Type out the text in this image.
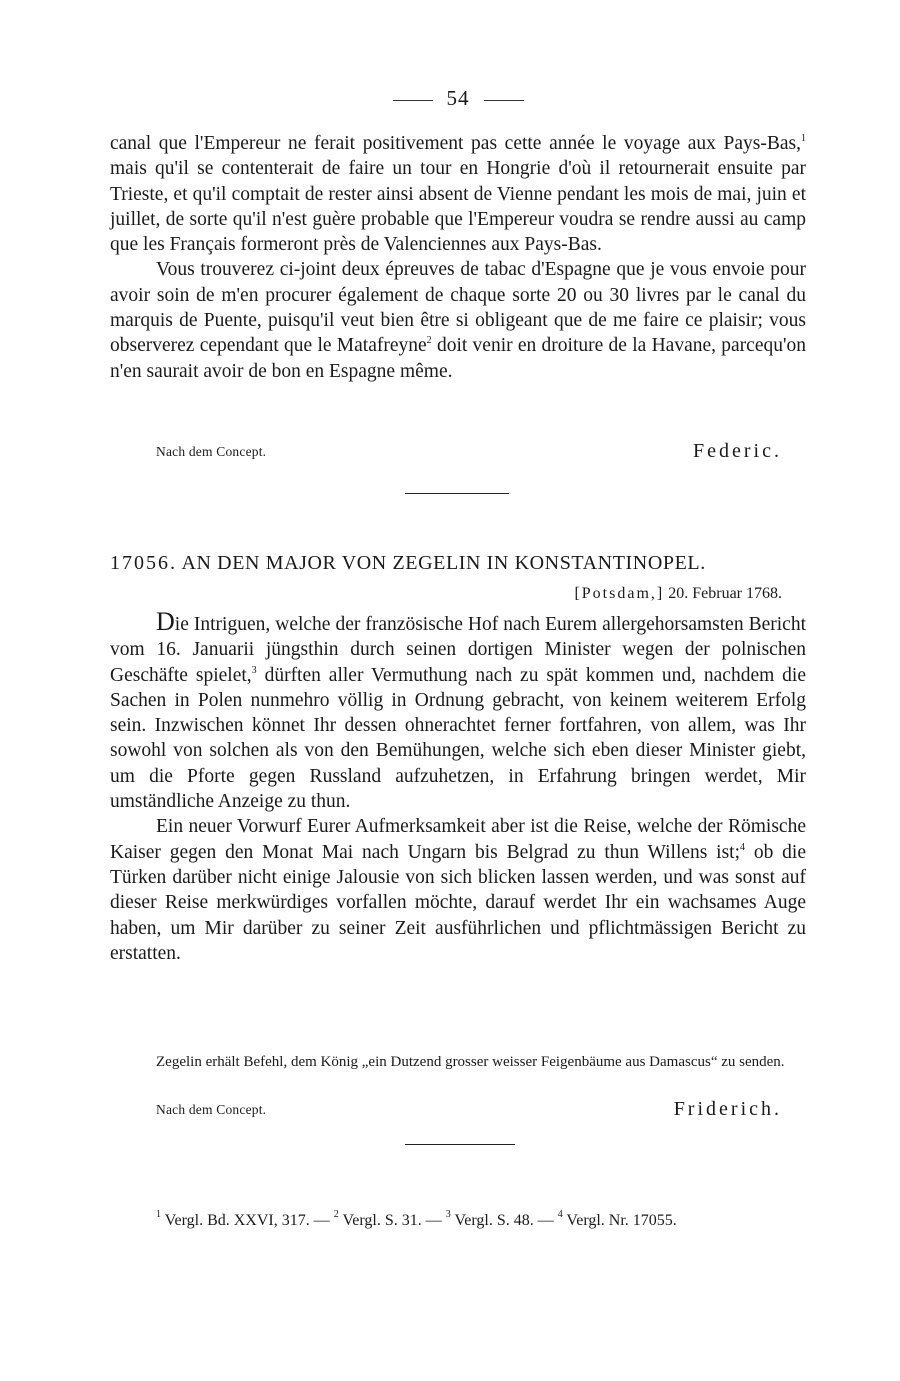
54

canal que l'Empereur ne ferait positivement pas cette année le voyage aux Pays-Bas,$^1$ mais qu'il se contenterait de faire un tour en Hongrie d'où il retournerait ensuite par Trieste, et qu'il comptait de rester ainsi absent de Vienne pendant les mois de mai, juin et juillet, de sorte qu'il n'est guère probable que l'Empereur voudra se rendre aussi au camp que les Français formeront près de Valenciennes aux Pays-Bas.

Vous trouverez ci-joint deux épreuves de tabac d'Espagne que je vous envoie pour avoir soin de m'en procurer également de chaque sorte 20 ou 30 livres par le canal du marquis de Puente, puisqu'il veut bien être si obligeant que de me faire ce plaisir; vous observerez cependant que le Matafreyne$^2$ doit venir en droiture de la Havane, parcequ'on n'en saurait avoir de bon en Espagne même.

Nach dem Concept.	Federic.
17056. AN DEN MAJOR VON ZEGELIN IN KONSTANTINOPEL.
[Potsdam,] 20. Februar 1768.

Die Intriguen, welche der französische Hof nach Eurem allergehorsamsten Bericht vom 16. Januarii jüngsthin durch seinen dortigen Minister wegen der polnischen Geschäfte spielet,$^3$ dürften aller Vermuthung nach zu spät kommen und, nachdem die Sachen in Polen nunmehro völlig in Ordnung gebracht, von keinem weiterem Erfolg sein. Inzwischen könnet Ihr dessen ohnerachtet ferner fortfahren, von allem, was Ihr sowohl von solchen als von den Bemühungen, welche sich eben dieser Minister giebt, um die Pforte gegen Russland aufzuhetzen, in Erfahrung bringen werdet, Mir umständliche Anzeige zu thun.

Ein neuer Vorwurf Eurer Aufmerksamkeit aber ist die Reise, welche der Römische Kaiser gegen den Monat Mai nach Ungarn bis Belgrad zu thun Willens ist;$^4$ ob die Türken darüber nicht einige Jalousie von sich blicken lassen werden, und was sonst auf dieser Reise merkwürdiges vorfallen möchte, darauf werdet Ihr ein wachsames Auge haben, um Mir darüber zu seiner Zeit ausführlichen und pflichtmässigen Bericht zu erstatten.

Zegelin erhält Befehl, dem König „ein Dutzend grosser weisser Feigenbäume aus Damascus“ zu senden.

Nach dem Concept.	Friderich.

$^1$ Vergl. Bd. XXVI, 317. — $^2$ Vergl. S. 31. — $^3$ Vergl. S. 48. — $^4$ Vergl. Nr. 17055.
